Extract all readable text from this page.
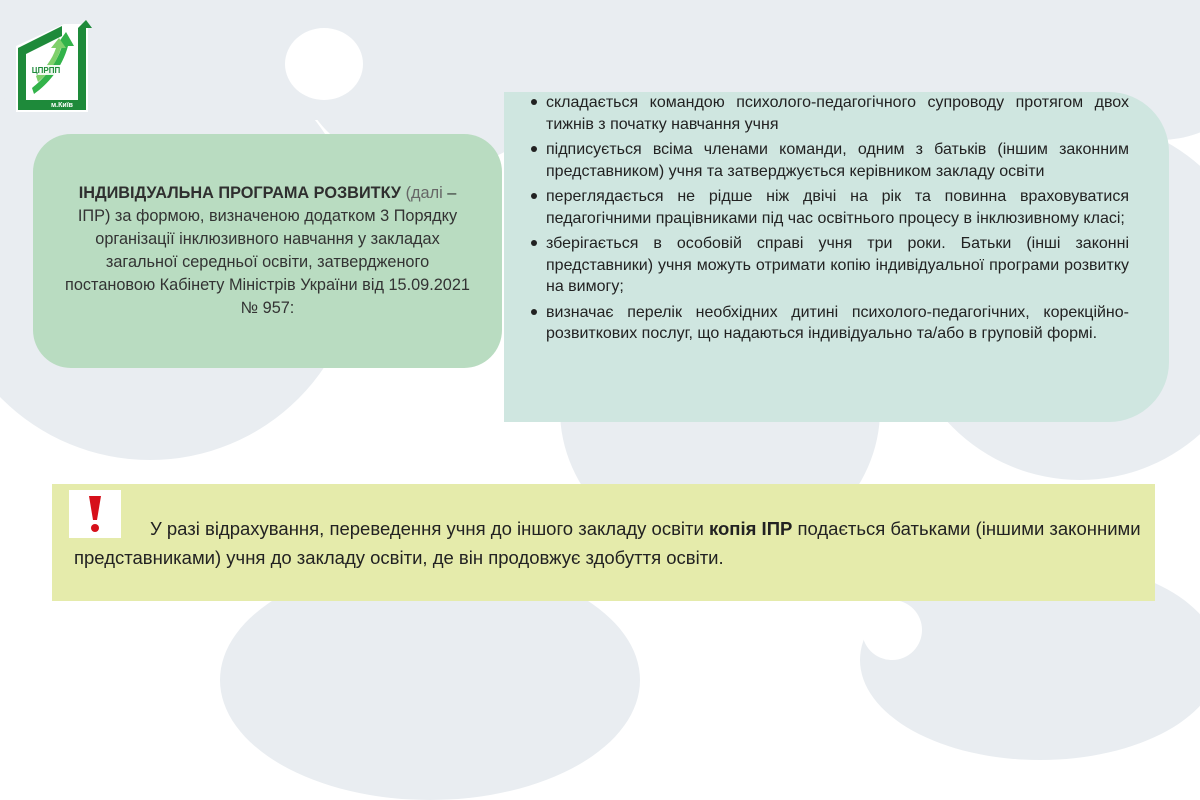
ЦПРПП
м.Київ
ІНДИВІДУАЛЬНА ПРОГРАМА РОЗВИТКУ (далі – ІПР) за формою, визначеною додатком 3 Порядку організації інклюзивного навчання у закладах загальної середньої освіти, затвердженого постановою Кабінету Міністрів України від 15.09.2021 № 957:
складається командою психолого-педагогічного супроводу протягом двох тижнів з початку навчання учня
підписується всіма членами команди, одним з батьків (іншим законним представником) учня та затверджується керівником закладу освіти
переглядається не рідше ніж двічі на рік та повинна враховуватися педагогічними працівниками під час освітнього процесу в інклюзивному класі;
зберігається в особовій справі учня три роки. Батьки (інші законні представники) учня можуть отримати копію індивідуальної програми розвитку на вимогу;
визначає перелік необхідних дитині психолого-педагогічних, корекційно-розвиткових послуг, що надаються індивідуально та/або в груповій формі.
У разі відрахування, переведення учня до іншого закладу освіти копія ІПР подається батьками (іншими законними представниками) учня до закладу освіти, де він продовжує здобуття освіти.
